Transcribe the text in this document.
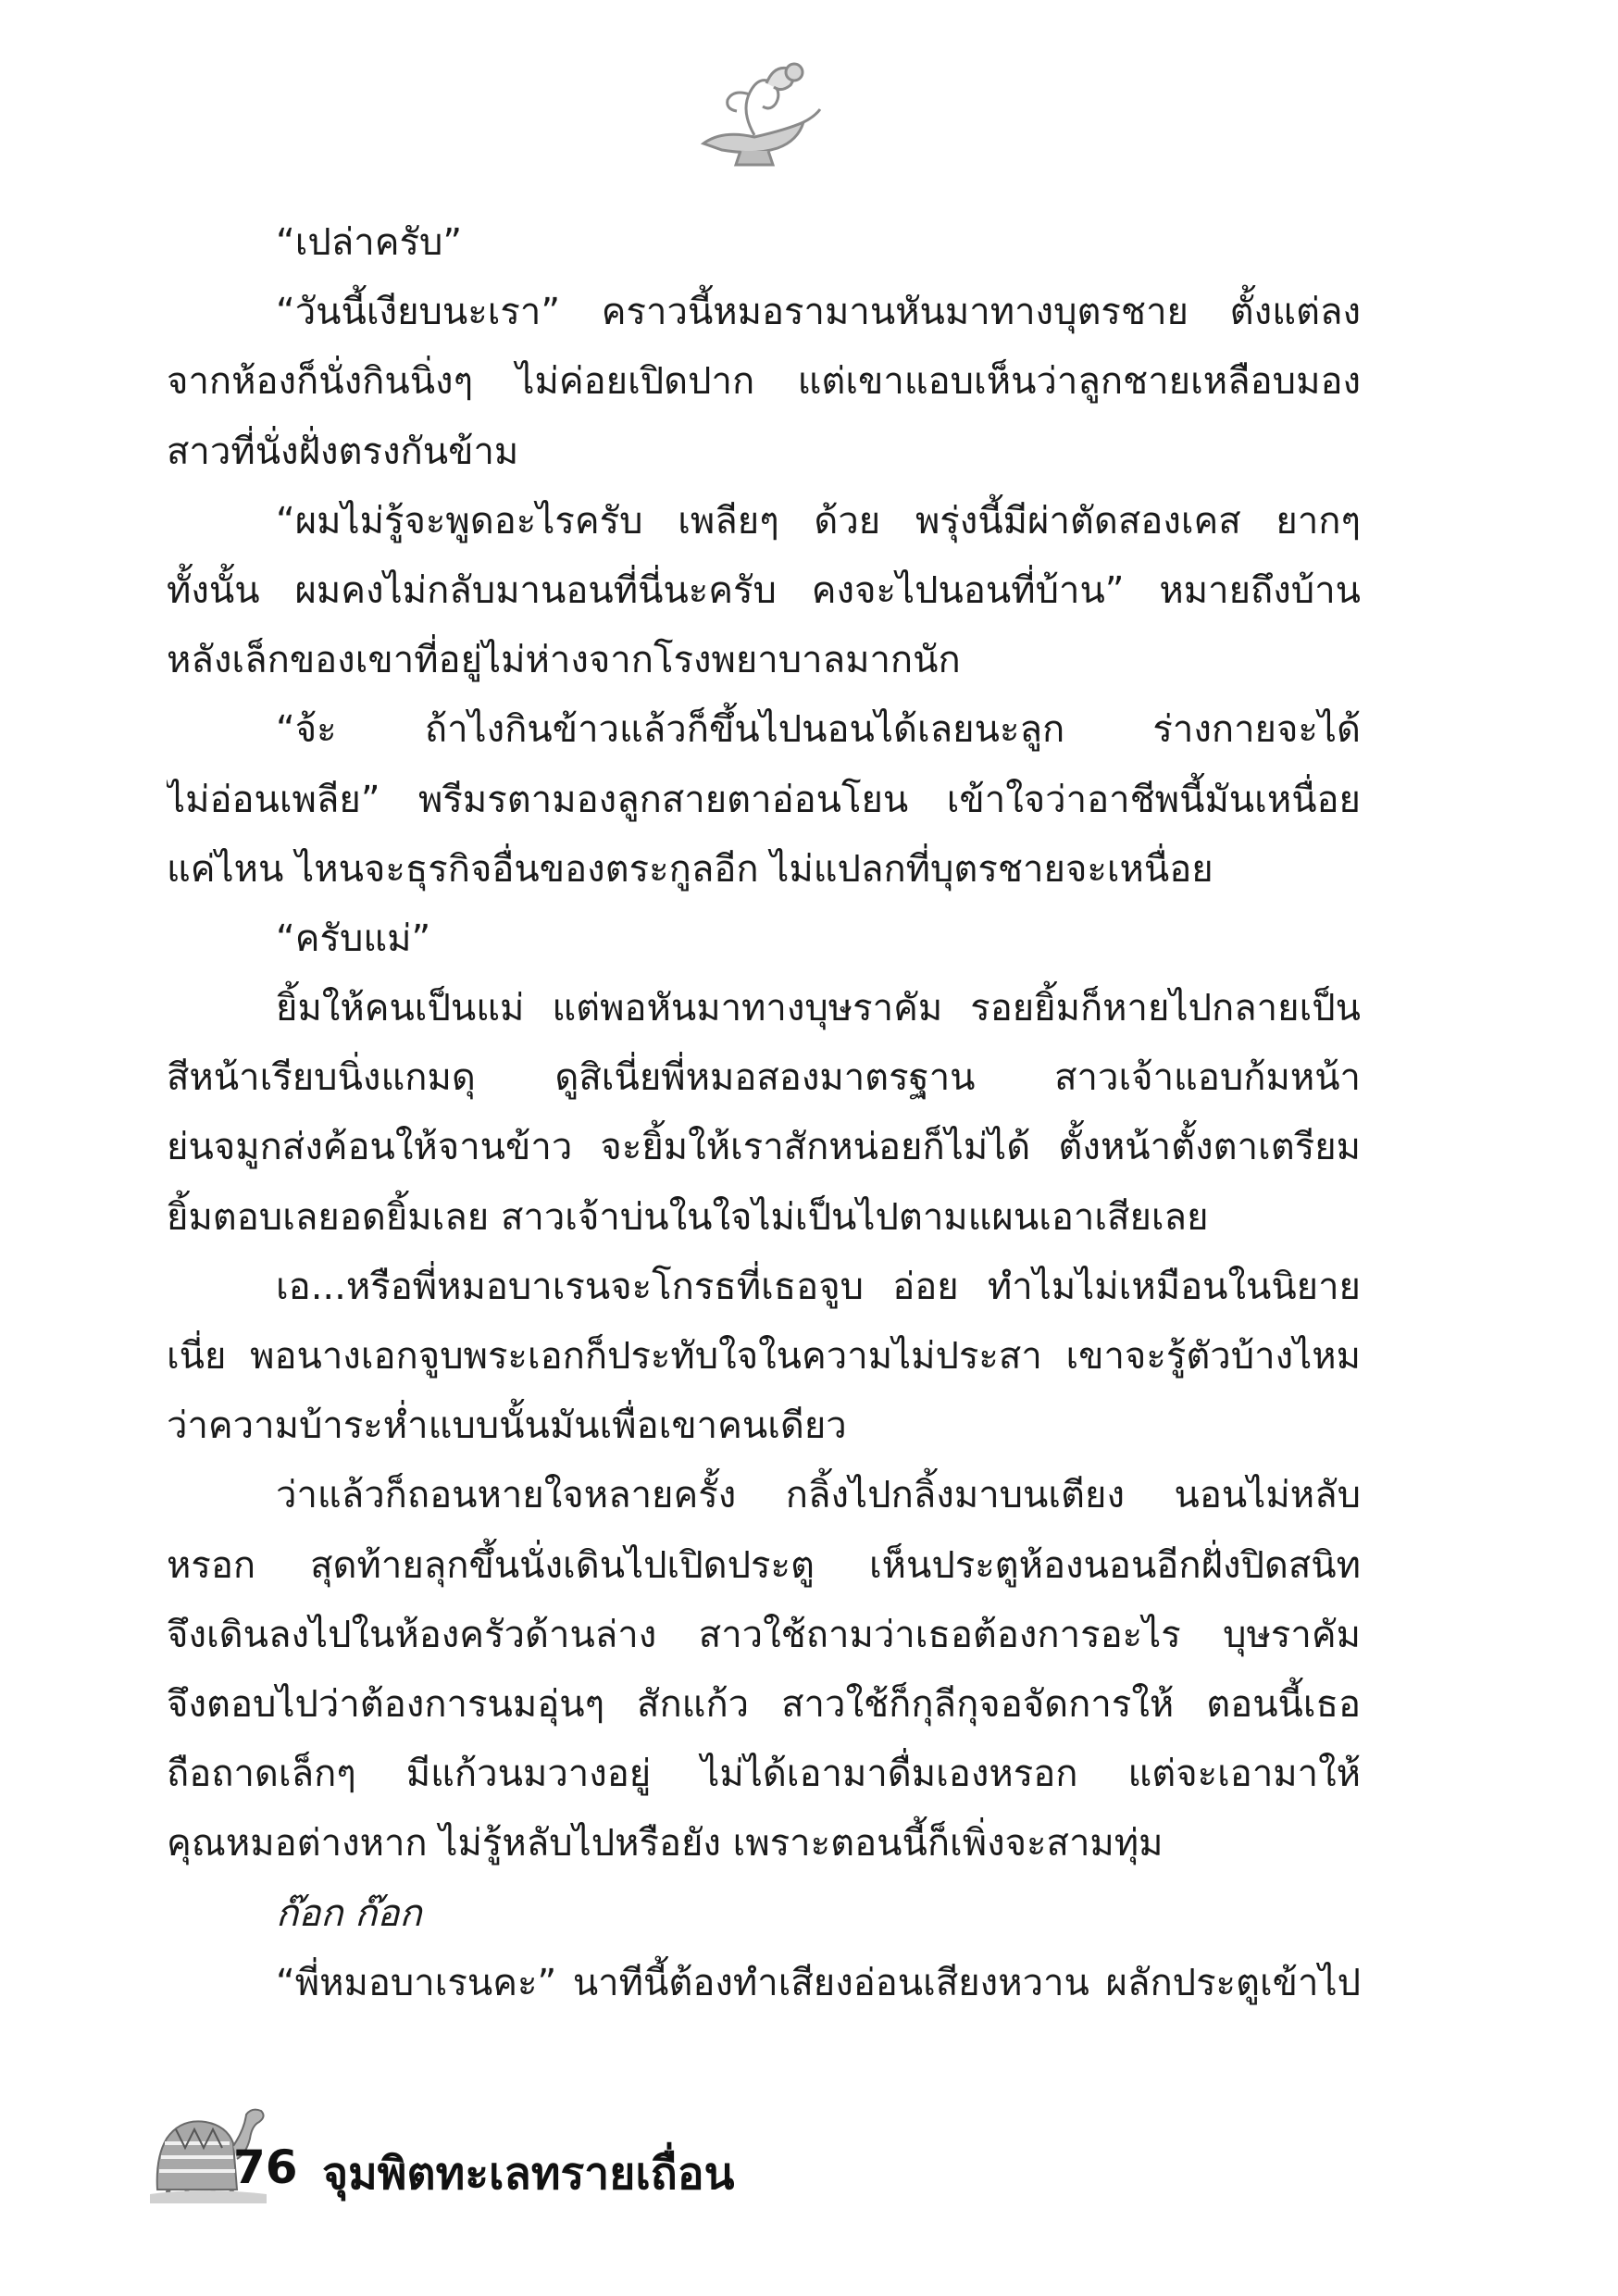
“เปล่าครับ”
“วันนี้เงียบนะเรา” คราวนี้หมอรามานหันมาทางบุตรชาย ตั้งแต่ลง
จากห้องก็นั่งกินนิ่งๆ ไม่ค่อยเปิดปาก แต่เขาแอบเห็นว่าลูกชายเหลือบมอง
สาวที่นั่งฝั่งตรงกันข้าม
“ผมไม่รู้จะพูดอะไรครับ เพลียๆ ด้วย พรุ่งนี้มีผ่าตัดสองเคส ยากๆ
ทั้งนั้น ผมคงไม่กลับมานอนที่นี่นะครับ คงจะไปนอนที่บ้าน” หมายถึงบ้าน
หลังเล็กของเขาที่อยู่ไม่ห่างจากโรงพยาบาลมากนัก
“จ้ะ ถ้าไงกินข้าวแล้วก็ขึ้นไปนอนได้เลยนะลูก ร่างกายจะได้
ไม่อ่อนเพลีย” พรีมรตามองลูกสายตาอ่อนโยน เข้าใจว่าอาชีพนี้มันเหนื่อย
แค่ไหน ไหนจะธุรกิจอื่นของตระกูลอีก ไม่แปลกที่บุตรชายจะเหนื่อย
“ครับแม่”
ยิ้มให้คนเป็นแม่ แต่พอหันมาทางบุษราคัม รอยยิ้มก็หายไปกลายเป็น
สีหน้าเรียบนิ่งแกมดุ ดูสิเนี่ยพี่หมอสองมาตรฐาน สาวเจ้าแอบก้มหน้า
ย่นจมูกส่งค้อนให้จานข้าว จะยิ้มให้เราสักหน่อยก็ไม่ได้ ตั้งหน้าตั้งตาเตรียม
ยิ้มตอบเลยอดยิ้มเลย สาวเจ้าบ่นในใจไม่เป็นไปตามแผนเอาเสียเลย
เอ...หรือพี่หมอบาเรนจะโกรธที่เธอจูบ อ่อย ทำไมไม่เหมือนในนิยาย
เนี่ย พอนางเอกจูบพระเอกก็ประทับใจในความไม่ประสา เขาจะรู้ตัวบ้างไหม
ว่าความบ้าระห่ำแบบนั้นมันเพื่อเขาคนเดียว
ว่าแล้วก็ถอนหายใจหลายครั้ง กลิ้งไปกลิ้งมาบนเตียง นอนไม่หลับ
หรอก สุดท้ายลุกขึ้นนั่งเดินไปเปิดประตู เห็นประตูห้องนอนอีกฝั่งปิดสนิท
จึงเดินลงไปในห้องครัวด้านล่าง สาวใช้ถามว่าเธอต้องการอะไร บุษราคัม
จึงตอบไปว่าต้องการนมอุ่นๆ สักแก้ว สาวใช้ก็กุลีกุจอจัดการให้ ตอนนี้เธอ
ถือถาดเล็กๆ มีแก้วนมวางอยู่ ไม่ได้เอามาดื่มเองหรอก แต่จะเอามาให้
คุณหมอต่างหาก ไม่รู้หลับไปหรือยัง เพราะตอนนี้ก็เพิ่งจะสามทุ่ม
ก๊อก ก๊อก
“พี่หมอบาเรนคะ” นาทีนี้ต้องทำเสียงอ่อนเสียงหวาน ผลักประตูเข้าไป
76 จุมพิตทะเลทรายเถื่อน
